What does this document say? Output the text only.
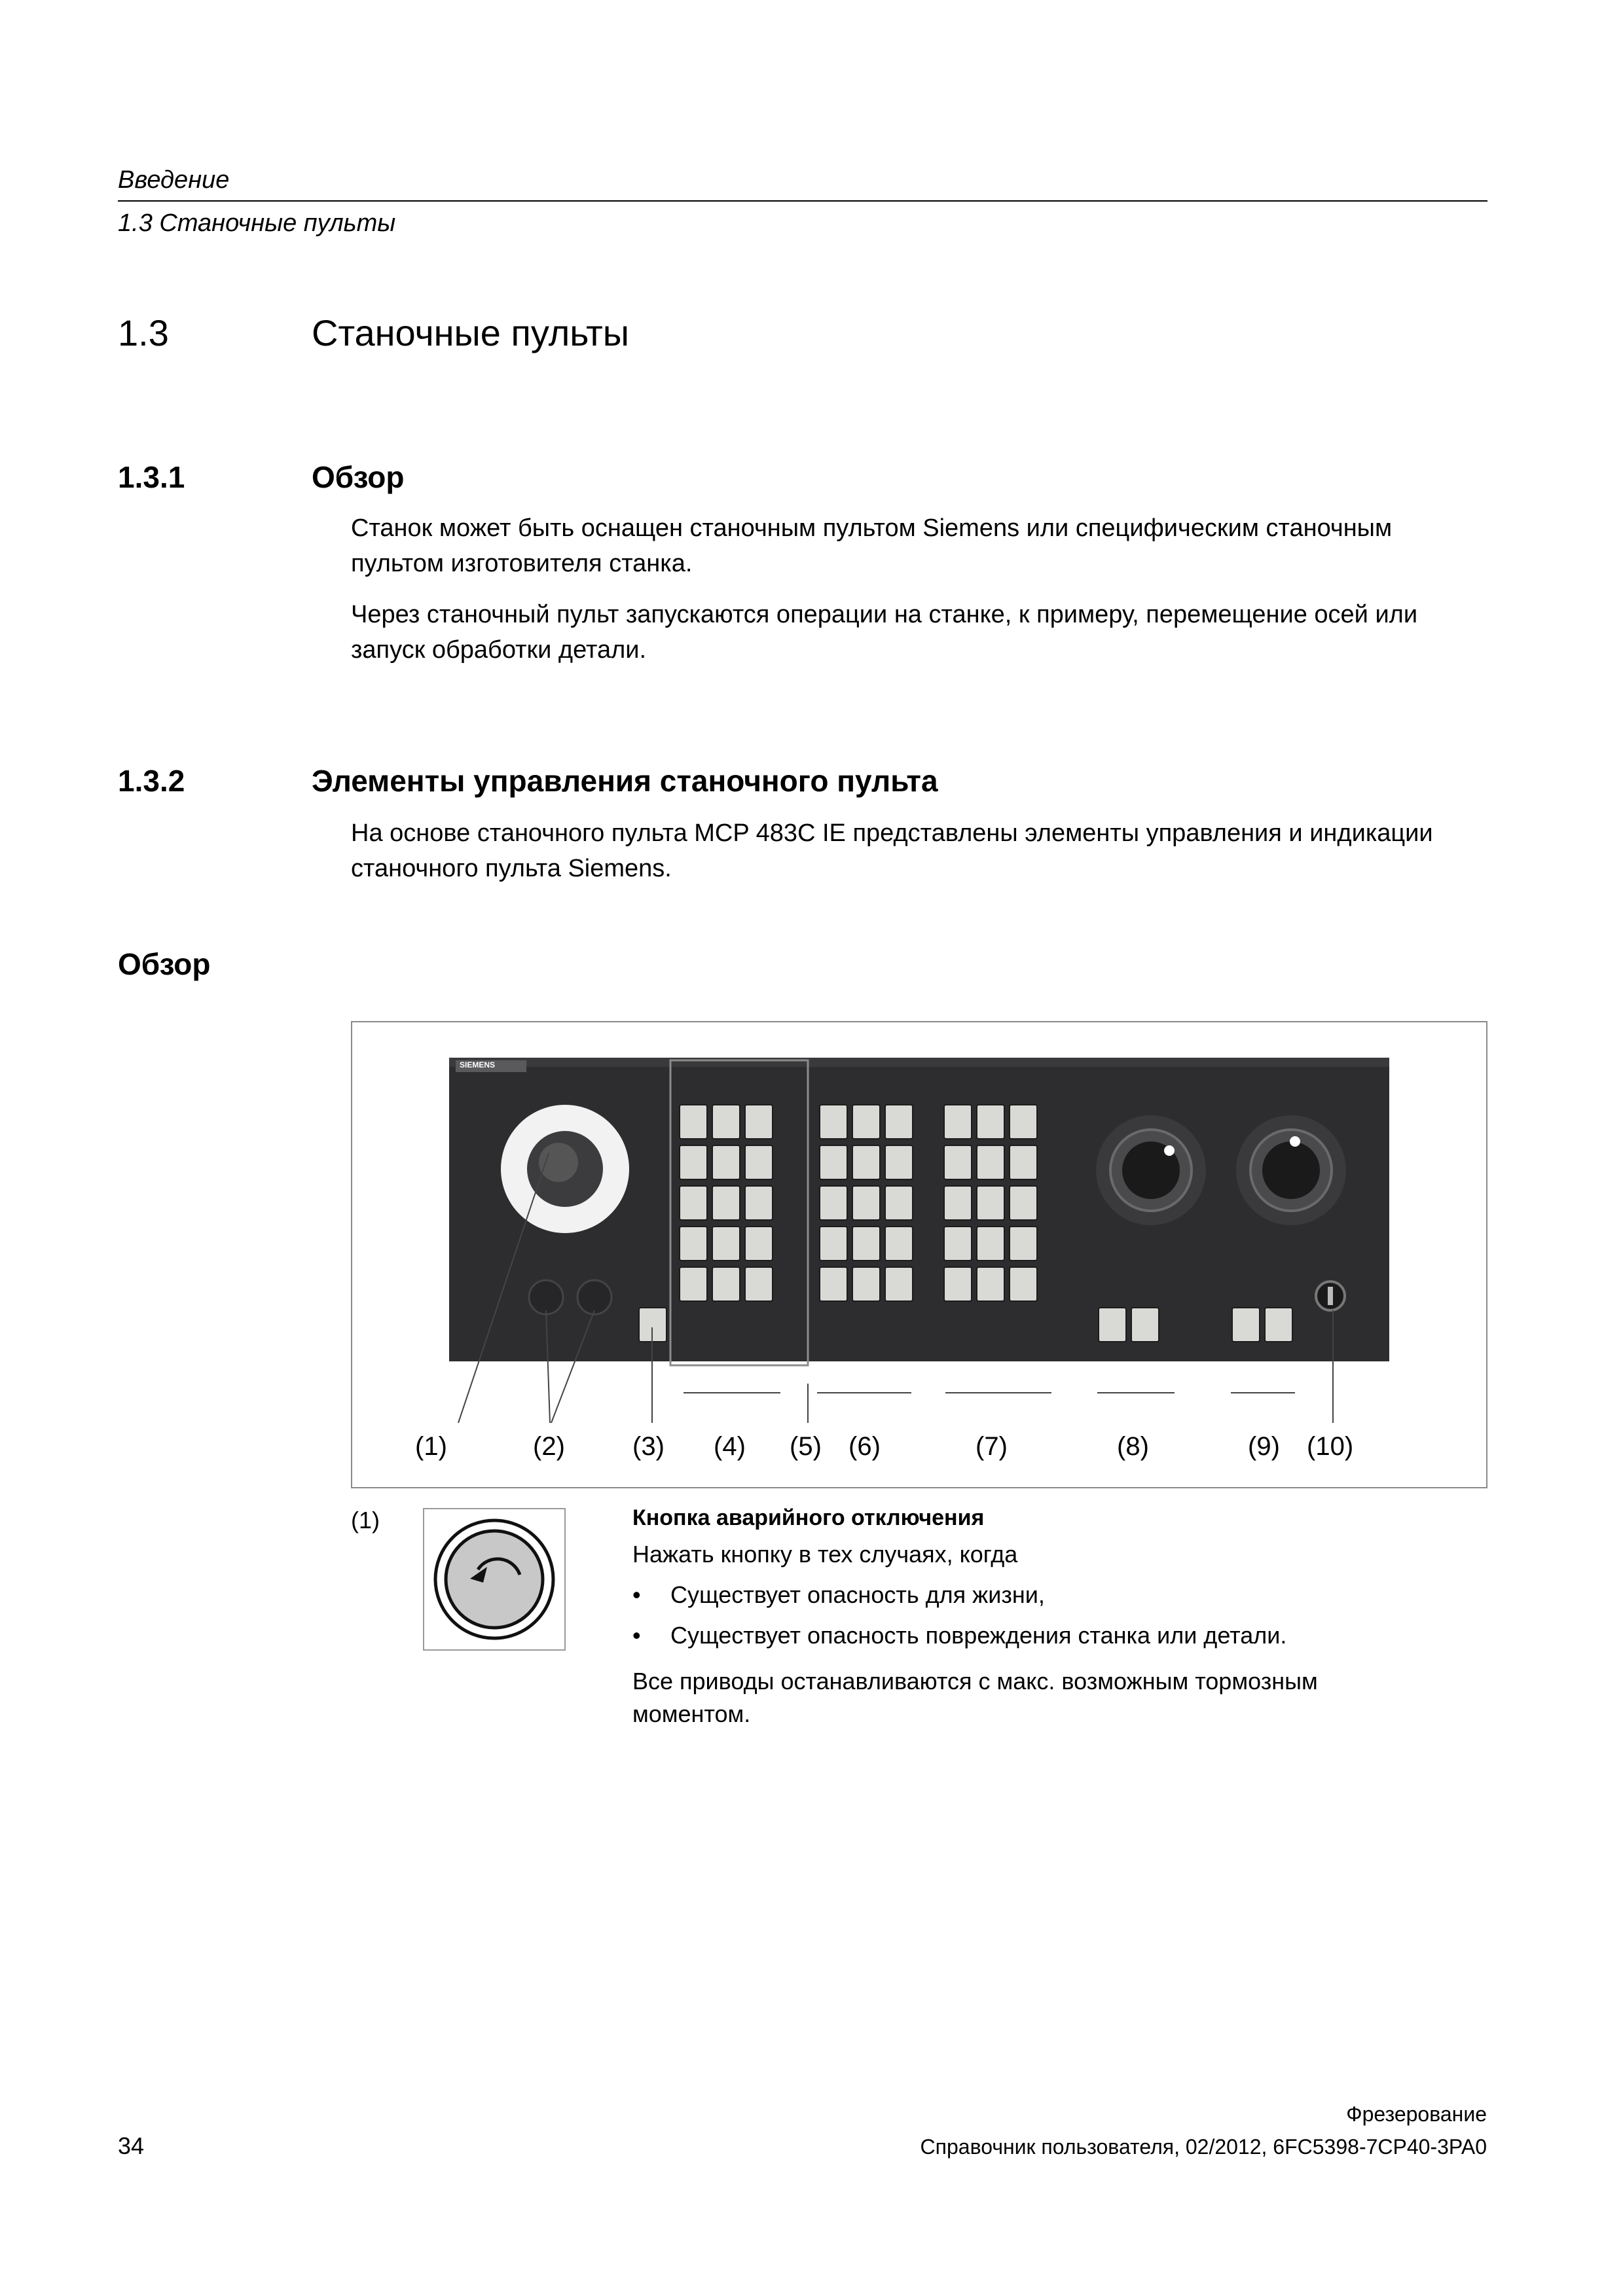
Введение
1.3 Станочные пульты
1.3	Станочные пульты
1.3.1	Обзор

Станок может быть оснащен станочным пультом Siemens или специфическим станочным пультом изготовителя станка.

Через станочный пульт запускаются операции на станке, к примеру, перемещение осей или запуск обработки детали.

1.3.2	Элементы управления станочного пульта
На основе станочного пульта MCP 483C IE представлены элементы управления и индикации станочного пульта Siemens.
Обзор
SIEMENS
(1)	(2)	(3) (4) (5) (6)	(7)	(8)	(9) (10)
(1)	Кнопка аварийного отключения
Нажать кнопку в тех случаях, когда
• Существует опасность для жизни,
• Существует опасность повреждения станка или детали.
Все приводы останавливаются с макс. возможным тормозным моментом.
Фрезерование
34	Справочник пользователя, 02/2012, 6FC5398-7CP40-3PA0
